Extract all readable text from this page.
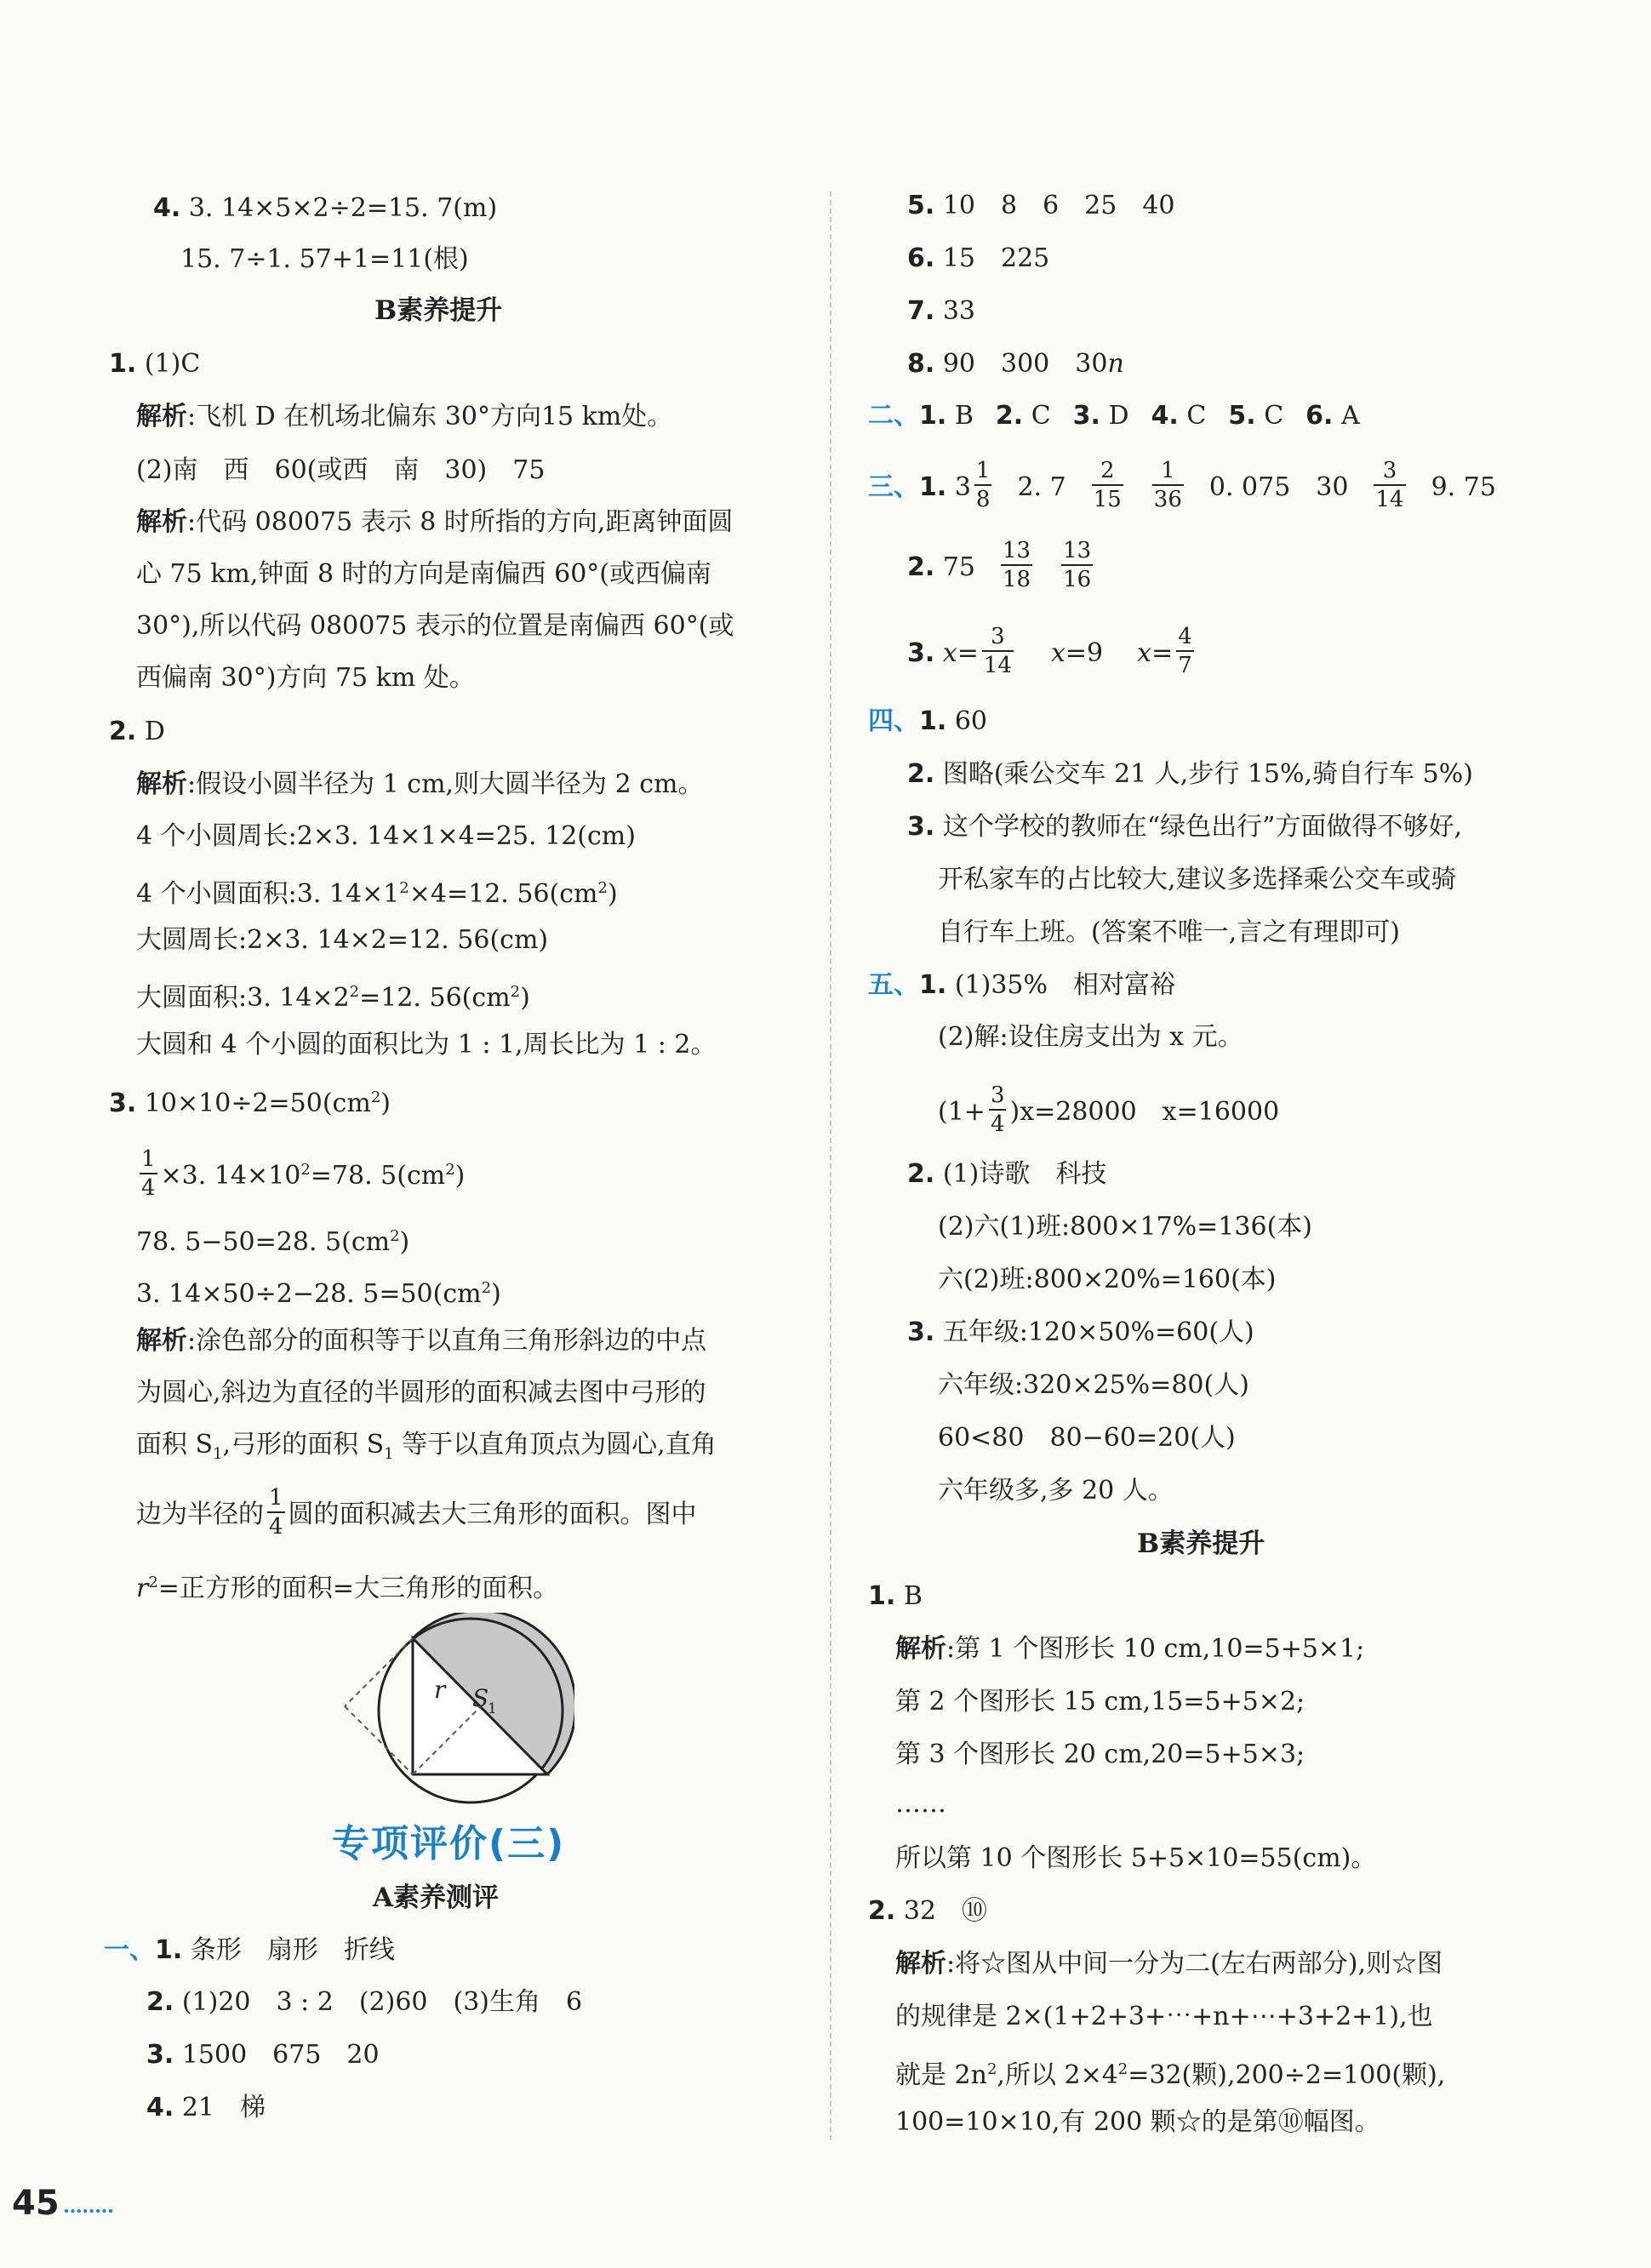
4. 3. 14×5×2÷2=15. 7(m)
15. 7÷1. 57+1=11(根)
B素养提升
1. (1)C
解析:飞机 D 在机场北偏东 30°方向15 km处。
(2)南　西　60(或西　南　30)　75
解析:代码 080075 表示 8 时所指的方向,距离钟面圆
心 75 km,钟面 8 时的方向是南偏西 60°(或西偏南
30°),所以代码 080075 表示的位置是南偏西 60°(或
西偏南 30°)方向 75 km 处。
2. D
解析:假设小圆半径为 1 cm,则大圆半径为 2 cm。
4 个小圆周长:2×3. 14×1×4=25. 12(cm)
4 个小圆面积:3. $14\times 1^2\times 4=12$. $56(cm^2)$
大圆周长:2×3. 14×2=12. 56(cm)
大圆面积:3. $14\times 2^2=12$. $56(cm^2)$
大圆和 4 个小圆的面积比为 1 : 1,周长比为 1 : 2。
3. $10\times 10\div 2=50(cm^2)$
$\frac{1}{4} \times 3$. $14\times 10^2=78$. $5(cm^2)$
78. 5−50=28. $5(cm^2)$
3. 14×50÷2−28. $5=50(cm^2)$
解析:涂色部分的面积等于以直角三角形斜边的中点
为圆心,斜边为直径的半圆形的面积减去图中弓形的
面积 $S_1$,弓形的面积 $S_1$ 等于以直角顶点为圆心,直角
边为半径的 $\frac{1}{4}$ 圆的面积减去大三角形的面积。图中
$r^2=$正方形的面积=大三角形的面积。
r S
1
专项评价(三)
A素养测评
一、1. 条形　扇形　折线
2. (1)20　3 : 2　(2)60　(3)生角　6
3. 1500　675　20
4. 21　梯
5. 10　8　6　25　40
6. 15　225
7. 33
8. 90　300　30n
二、1. B 2. C 3. D 4. C 5. C 6. A
三、1. $3 \frac{1}{8} 2$. $7 \frac{2}{15} \frac{1}{36} 0$. 075　$30 \frac{3}{14} 9$. 75
2. $75 \frac{13}{18} \frac{13}{16}$
3. $x= \frac{3}{14} x=9$ $x= \frac{4}{7}$
四、1. 60
2. 图略(乘公交车 21 人,步行 15%,骑自行车 5%)
3. 这个学校的教师在“绿色出行”方面做得不够好,
开私家车的占比较大,建议多选择乘公交车或骑
自行车上班。(答案不唯一,言之有理即可)
五、1. (1)35%　相对富裕
(2)解:设住房支出为 x 元。
$(1+ \frac{3}{4} )x=28000$　x=16000
2. (1)诗歌　科技
(2)六(1)班:800×17%=136(本)
六(2)班:800×20%=160(本)
3. 五年级:120×50%=60(人)
六年级:320×25%=80(人)
60<80　80−60=20(人)
六年级多,多 20 人。
B素养提升
1. B
解析:第 1 个图形长 10 cm,10=5+5×1;
第 2 个图形长 15 cm,15=5+5×2;
第 3 个图形长 20 cm,20=5+5×3;
……
所以第 10 个图形长 5+5×10=55(cm)。
2. 32　⑩
解析:将☆图从中间一分为二(左右两部分),则☆图
的规律是 2×(1+2+3+⋯+n+⋯+3+2+1),也
就是 $2n^2$,所以 $2\times 4^2=32$(颗),200÷2=100(颗),
100=10×10,有 200 颗☆的是第⑩幅图。
45
